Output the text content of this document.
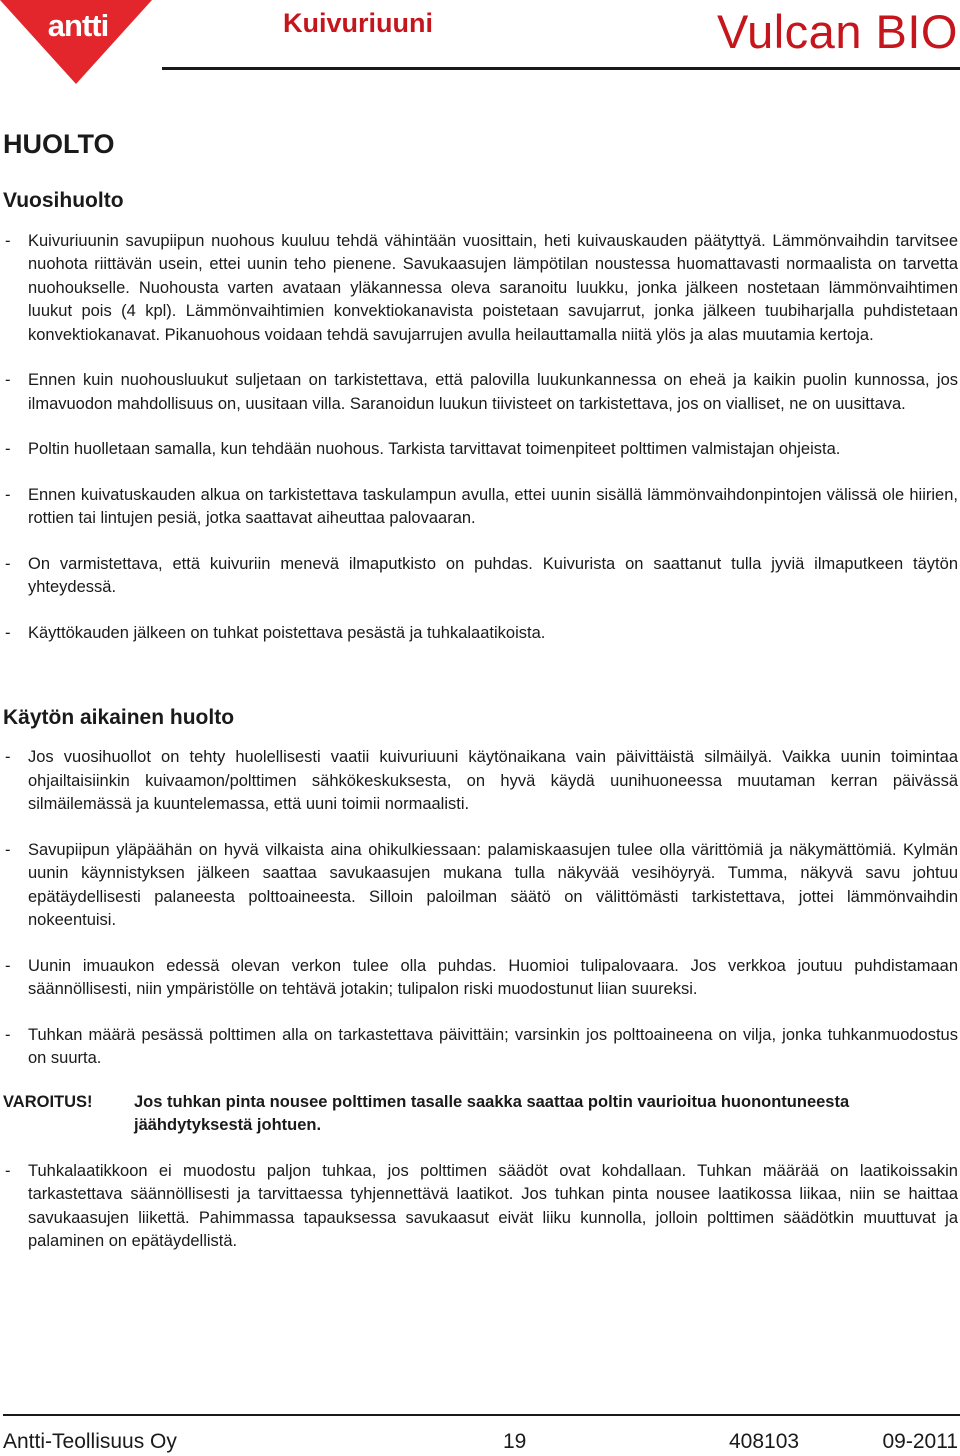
antti	Kuivuriuuni	Vulcan BIO
HUOLTO
Vuosihuolto
- Kuivuriuunin savupiipun nuohous kuuluu tehdä vähintään vuosittain, heti kuivauskauden päätyttyä. Lämmönvaihdin tarvitsee nuohota riittävän usein, ettei uunin teho pienene. Savukaasujen lämpötilan noustessa huomattavasti normaalista on tarvetta nuohoukselle. Nuohousta varten avataan yläkannessa oleva saranoitu luukku, jonka jälkeen nostetaan lämmönvaihtimen luukut pois (4 kpl). Lämmönvaihtimien konvektiokanavista poistetaan savujarrut, jonka jälkeen tuubiharjalla puhdistetaan konvektiokanavat. Pikanuohous voidaan tehdä savujarrujen avulla heilauttamalla niitä ylös ja alas muutamia kertoja.
- Ennen kuin nuohousluukut suljetaan on tarkistettava, että palovilla luukunkannessa on eheä ja kaikin puolin kunnossa, jos ilmavuodon mahdollisuus on, uusitaan villa. Saranoidun luukun tiivisteet on tarkistettava, jos on vialliset, ne on uusittava.
- Poltin huolletaan samalla, kun tehdään nuohous. Tarkista tarvittavat toimenpiteet polttimen valmistajan ohjeista.
- Ennen kuivatuskauden alkua on tarkistettava taskulampun avulla, ettei uunin sisällä lämmönvaihdonpintojen välissä ole hiirien, rottien tai lintujen pesiä, jotka saattavat aiheuttaa palovaaran.
- On varmistettava, että kuivuriin menevä ilmaputkisto on puhdas. Kuivurista on saattanut tulla jyviä ilmaputkeen täytön yhteydessä.
- Käyttökauden jälkeen on tuhkat poistettava pesästä ja tuhkalaatikoista.
Käytön aikainen huolto
- Jos vuosihuollot on tehty huolellisesti vaatii kuivuriuuni käytönaikana vain päivittäistä silmäilyä. Vaikka uunin toimintaa ohjailtaisiinkin kuivaamon/polttimen sähkökeskuksesta, on hyvä käydä uunihuoneessa muutaman kerran päivässä silmäilemässä ja kuuntelemassa, että uuni toimii normaalisti.
- Savupiipun yläpäähän on hyvä vilkaista aina ohikulkiessaan: palamiskaasujen tulee olla värittömiä ja näkymättömiä. Kylmän uunin käynnistyksen jälkeen saattaa savukaasujen mukana tulla näkyvää vesihöyryä. Tumma, näkyvä savu johtuu epätäydellisesti palaneesta polttoaineesta. Silloin paloilman säätö on välittömästi tarkistettava, jottei lämmönvaihdin nokeentuisi.
- Uunin imuaukon edessä olevan verkon tulee olla puhdas. Huomioi tulipalovaara. Jos verkkoa joutuu puhdistamaan säännöllisesti, niin ympäristölle on tehtävä jotakin; tulipalon riski muodostunut liian suureksi.
- Tuhkan määrä pesässä polttimen alla on tarkastettava päivittäin; varsinkin jos polttoaineena on vilja, jonka tuhkanmuodostus on suurta.
VAROITUS!	Jos tuhkan pinta nousee polttimen tasalle saakka saattaa poltin vaurioitua huonontuneesta jäähdytyksestä johtuen.
- Tuhkalaatikkoon ei muodostu paljon tuhkaa, jos polttimen säädöt ovat kohdallaan. Tuhkan määrää on laatikoissakin tarkastettava säännöllisesti ja tarvittaessa tyhjennettävä laatikot. Jos tuhkan pinta nousee laatikossa liikaa, niin se haittaa savukaasujen liikettä. Pahimmassa tapauksessa savukaasut eivät liiku kunnolla, jolloin polttimen säädötkin muuttuvat ja palaminen on epätäydellistä.
Antti-Teollisuus Oy	19	408103	09-2011
